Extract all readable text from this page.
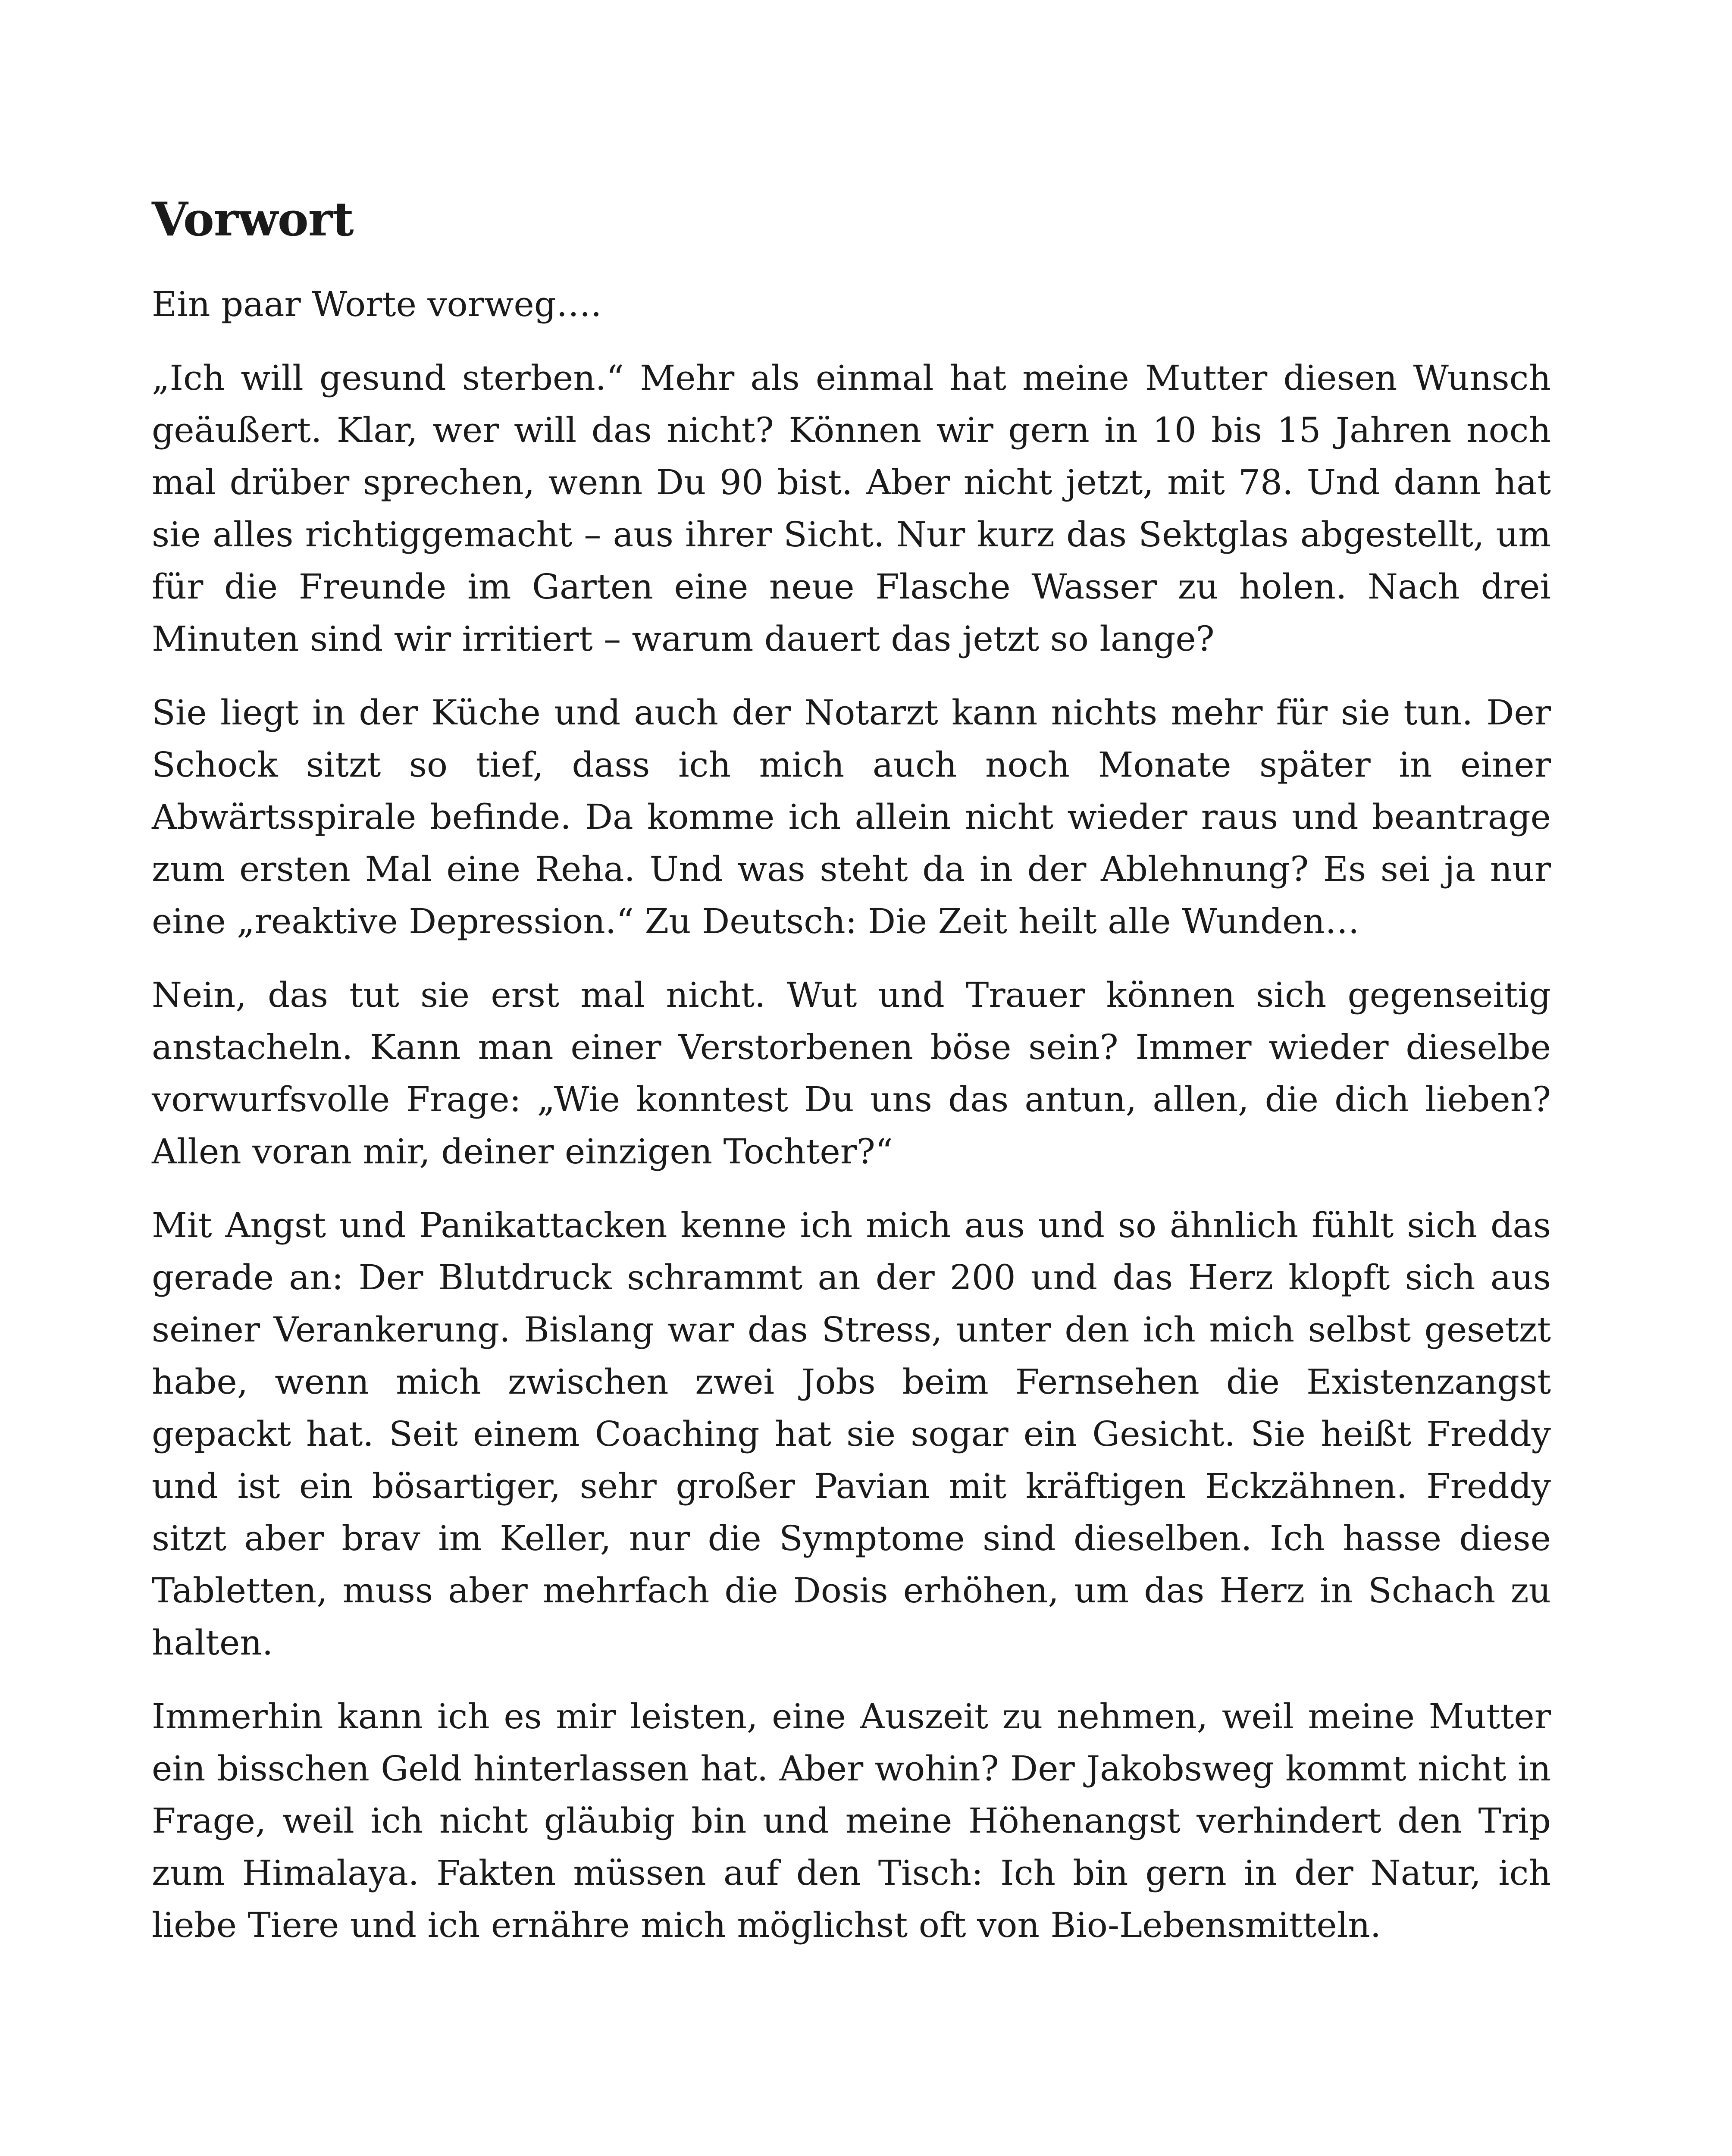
Vorwort

Ein paar Worte vorweg….

„Ich will gesund sterben.“ Mehr als einmal hat meine Mutter diesen Wunsch geäußert. Klar, wer will das nicht? Können wir gern in 10 bis 15 Jahren noch mal drüber sprechen, wenn Du 90 bist. Aber nicht jetzt, mit 78. Und dann hat sie alles richtiggemacht – aus ihrer Sicht. Nur kurz das Sektglas abgestellt, um für die Freunde im Garten eine neue Flasche Wasser zu holen. Nach drei Minuten sind wir irritiert – warum dauert das jetzt so lange?

Sie liegt in der Küche und auch der Notarzt kann nichts mehr für sie tun. Der Schock sitzt so tief, dass ich mich auch noch Monate später in einer Abwärtsspirale befinde. Da komme ich allein nicht wieder raus und beantrage zum ersten Mal eine Reha. Und was steht da in der Ablehnung? Es sei ja nur eine „reaktive Depression.“ Zu Deutsch: Die Zeit heilt alle Wunden…

Nein, das tut sie erst mal nicht. Wut und Trauer können sich gegenseitig anstacheln. Kann man einer Verstorbenen böse sein? Immer wieder dieselbe vorwurfsvolle Frage: „Wie konntest Du uns das antun, allen, die dich lieben? Allen voran mir, deiner einzigen Tochter?“

Mit Angst und Panikattacken kenne ich mich aus und so ähnlich fühlt sich das gerade an: Der Blutdruck schrammt an der 200 und das Herz klopft sich aus seiner Verankerung. Bislang war das Stress, unter den ich mich selbst gesetzt habe, wenn mich zwischen zwei Jobs beim Fernsehen die Existenzangst gepackt hat. Seit einem Coaching hat sie sogar ein Gesicht. Sie heißt Freddy und ist ein bösartiger, sehr großer Pavian mit kräftigen Eckzähnen. Freddy sitzt aber brav im Keller, nur die Symptome sind dieselben. Ich hasse diese Tabletten, muss aber mehrfach die Dosis erhöhen, um das Herz in Schach zu halten.

Immerhin kann ich es mir leisten, eine Auszeit zu nehmen, weil meine Mutter ein bisschen Geld hinterlassen hat. Aber wohin? Der Jakobsweg kommt nicht in Frage, weil ich nicht gläubig bin und meine Höhenangst verhindert den Trip zum Himalaya. Fakten müssen auf den Tisch: Ich bin gern in der Natur, ich liebe Tiere und ich ernähre mich möglichst oft von Bio-Lebensmitteln.
